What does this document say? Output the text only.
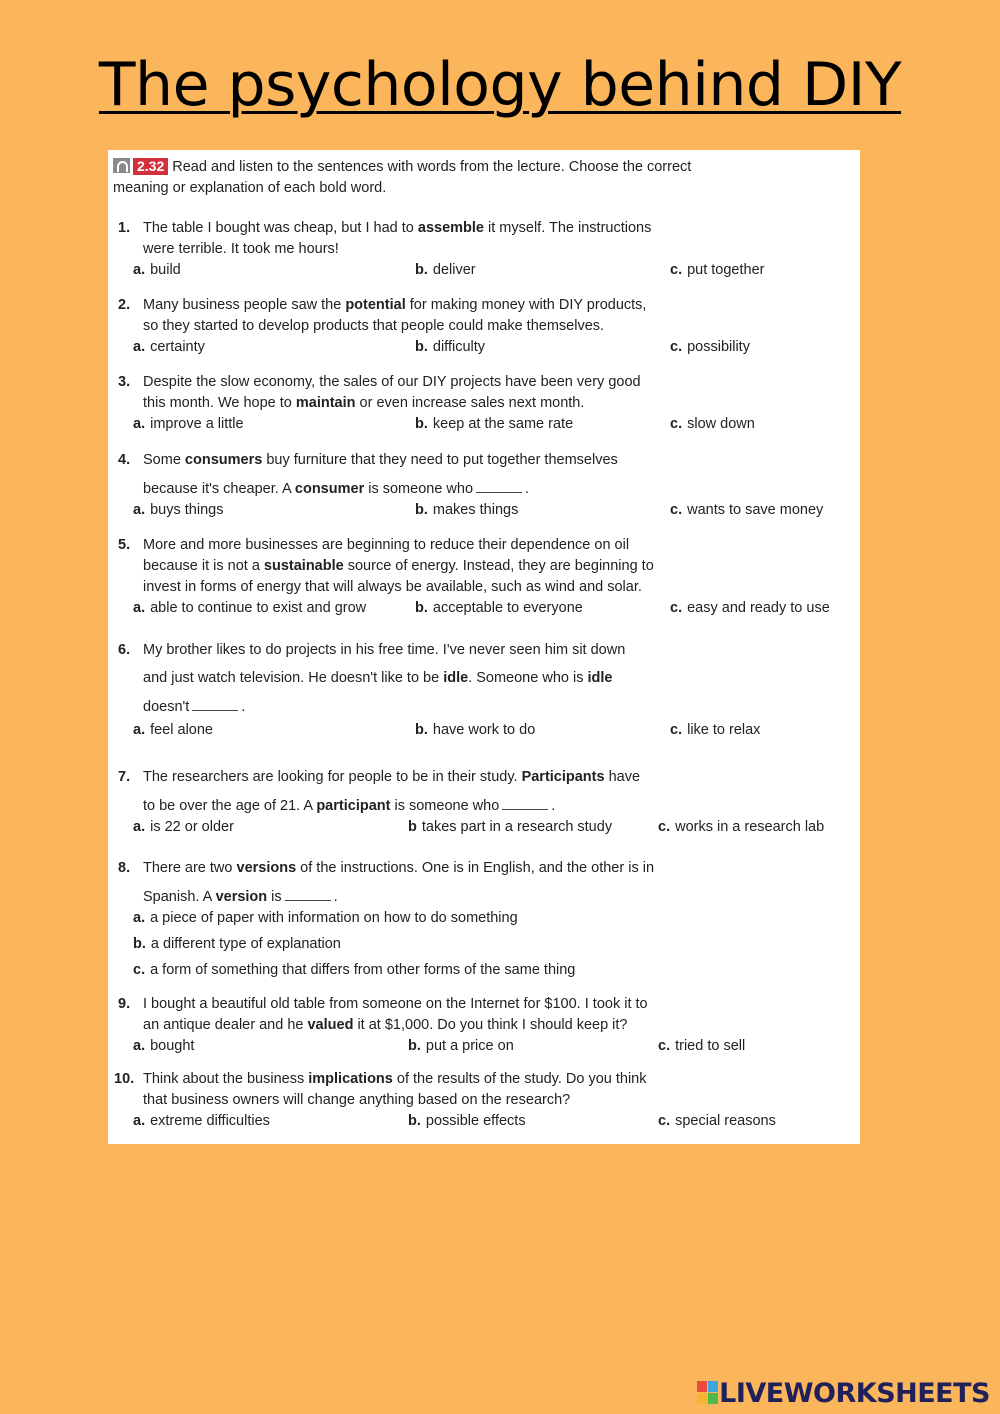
The psychology behind DIY
2.32 Read and listen to the sentences with words from the lecture. Choose the correct meaning or explanation of each bold word.
1. The table I bought was cheap, but I had to assemble it myself. The instructions
were terrible. It took me hours!
a. build	b. deliver	c. put together
2. Many business people saw the potential for making money with DIY products,
so they started to develop products that people could make themselves.
a. certainty	b. difficulty	c. possibility
3. Despite the slow economy, the sales of our DIY projects have been very good
this month. We hope to maintain or even increase sales next month.
a. improve a little	b. keep at the same rate	c. slow down
4. Some consumers buy furniture that they need to put together themselves
because it's cheaper. A consumer is someone who	.
a. buys things	b. makes things	c. wants to save money
5. More and more businesses are beginning to reduce their dependence on oil
because it is not a sustainable source of energy. Instead, they are beginning to
invest in forms of energy that will always be available, such as wind and solar.
a. able to continue to exist and grow	b. acceptable to everyone	c. easy and ready to use
6. My brother likes to do projects in his free time. I've never seen him sit down
and just watch television. He doesn't like to be idle. Someone who is idle
doesn't	.
a. feel alone	b. have work to do	c. like to relax
7. The researchers are looking for people to be in their study. Participants have
to be over the age of 21. A participant is someone who	.
a. is 22 or older	b takes part in a research study	c. works in a research lab
8. There are two versions of the instructions. One is in English, and the other is in
Spanish. A version is	.
a. a piece of paper with information on how to do something
b. a different type of explanation
c. a form of something that differs from other forms of the same thing
9. I bought a beautiful old table from someone on the Internet for $100. I took it to
an antique dealer and he valued it at $1,000. Do you think I should keep it?
a. bought	b. put a price on	c. tried to sell
10. Think about the business implications of the results of the study. Do you think
that business owners will change anything based on the research?
a. extreme difficulties	b. possible effects	c. special reasons
LIVEWORKSHEETS
